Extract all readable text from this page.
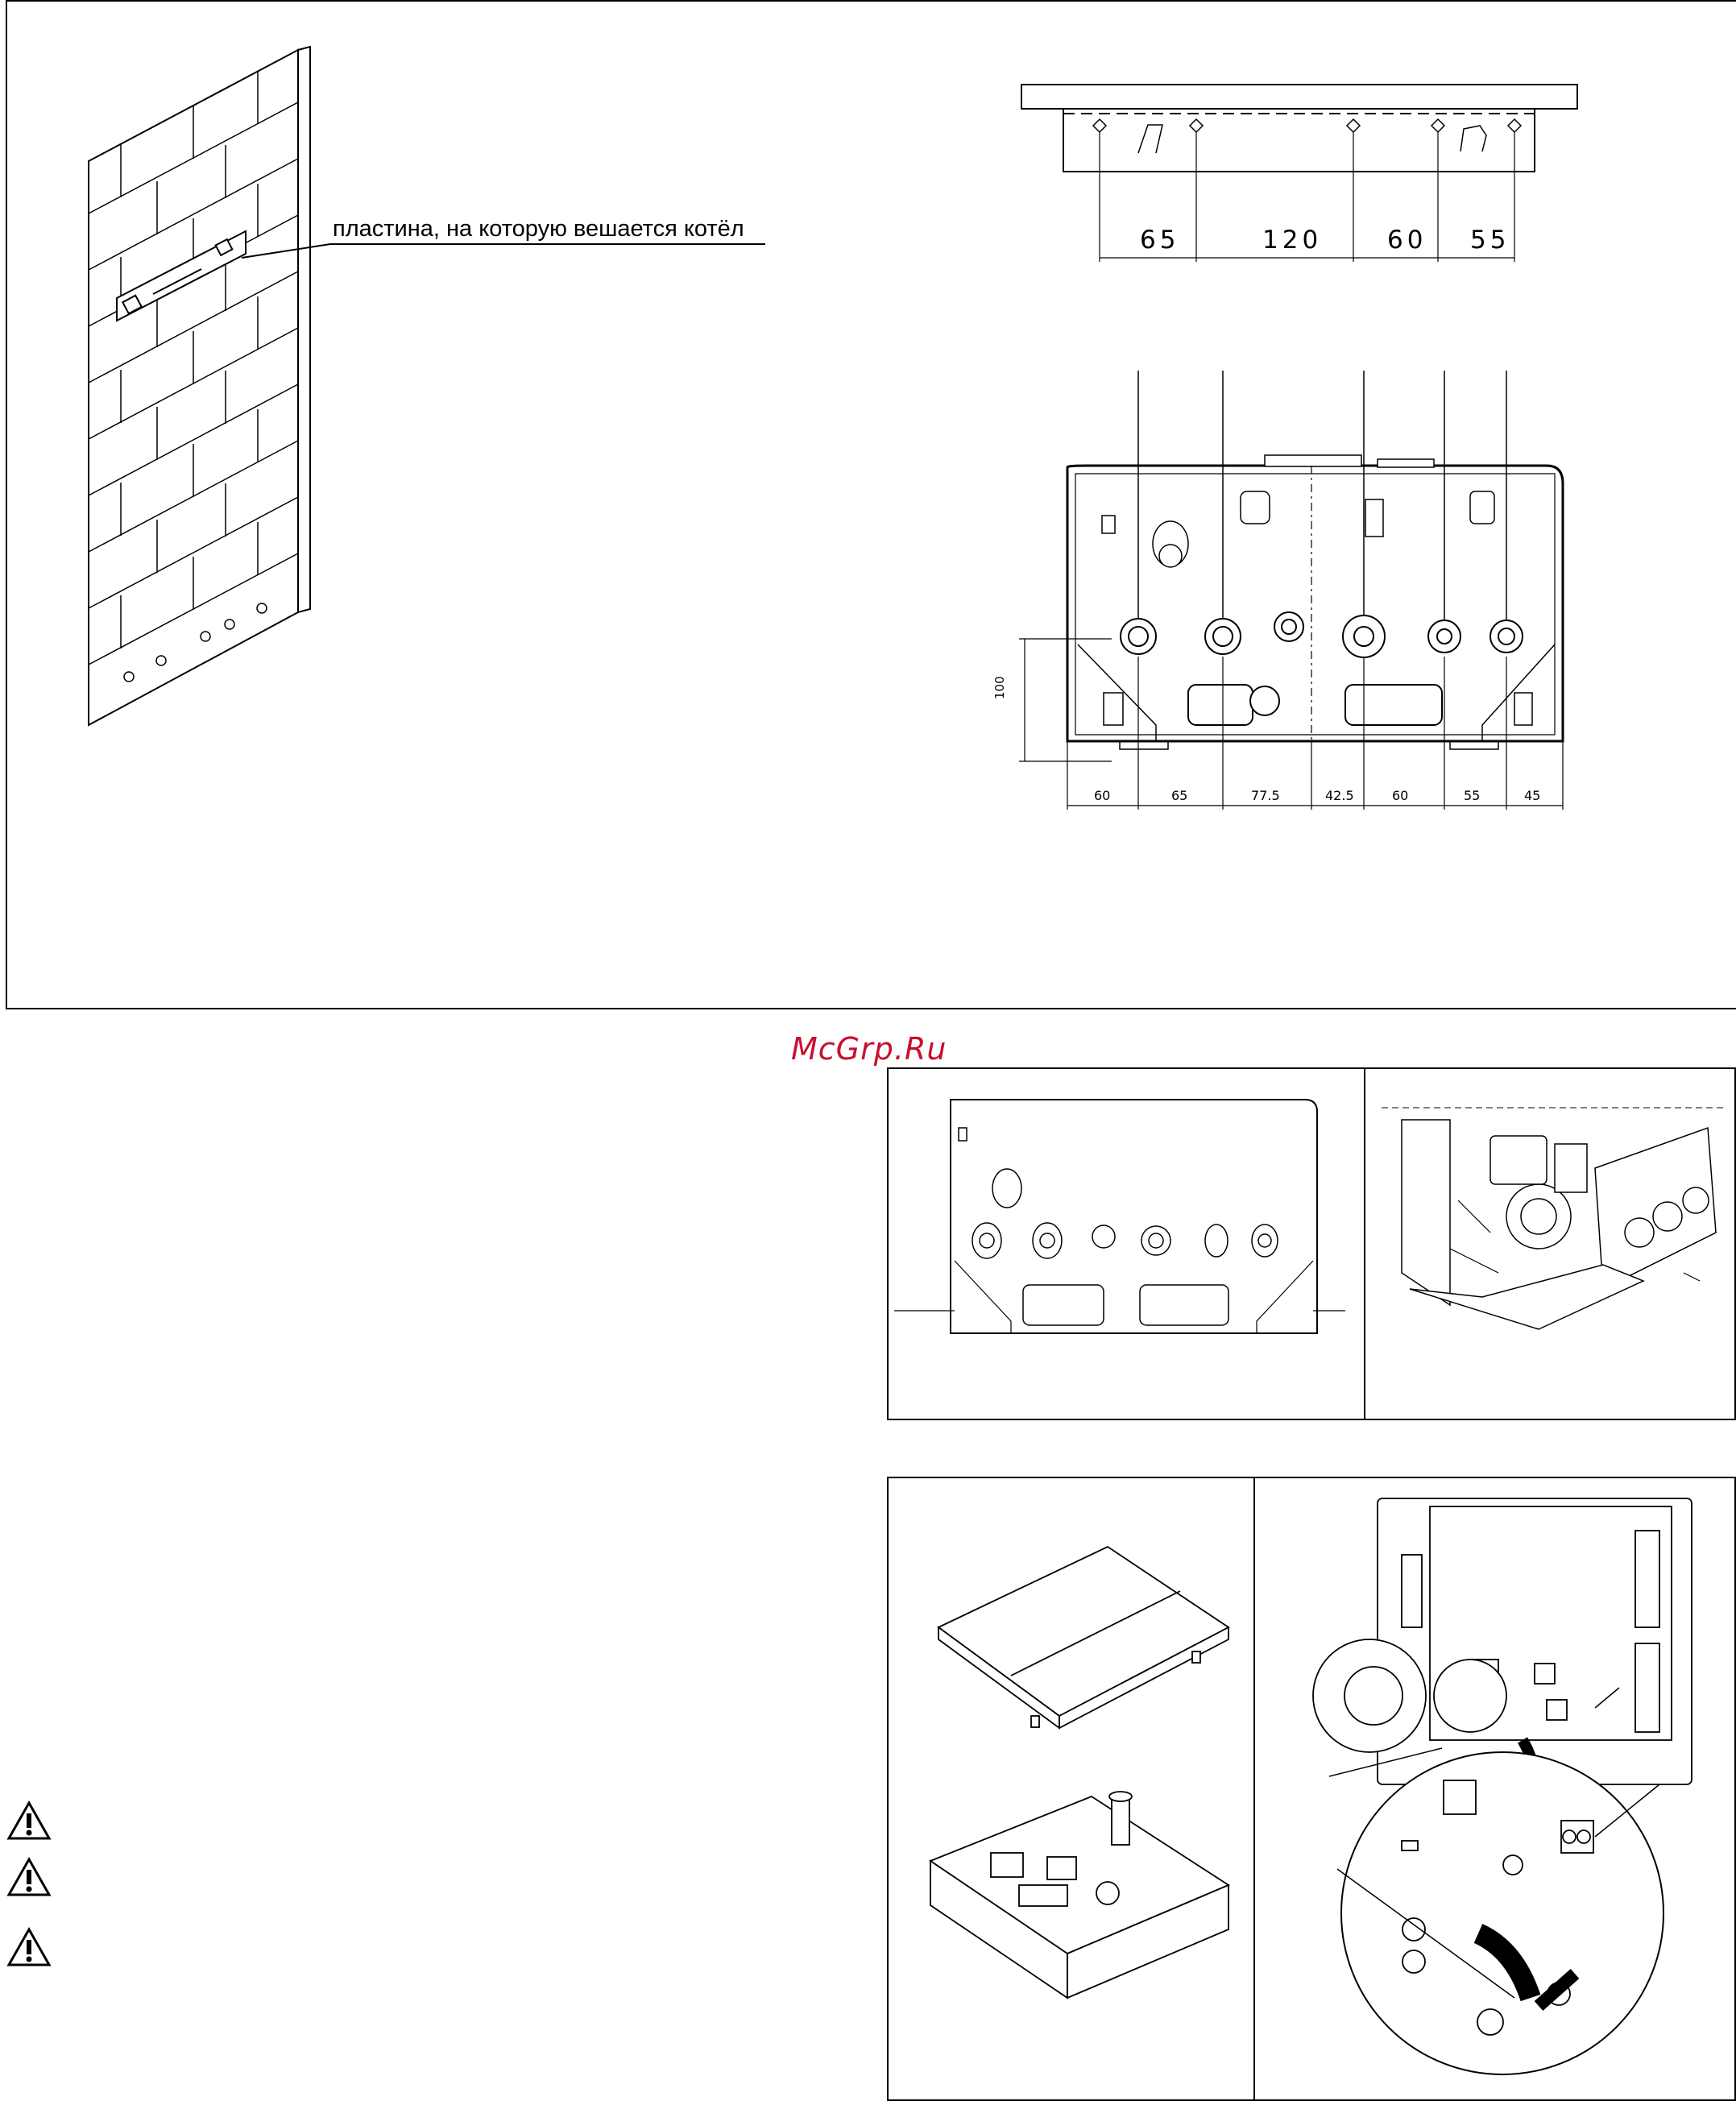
пластина, на которую вешается котёл	65	120	60 55
100
60	65	77.5	42.5	60	55	45
McGrp.Ru
